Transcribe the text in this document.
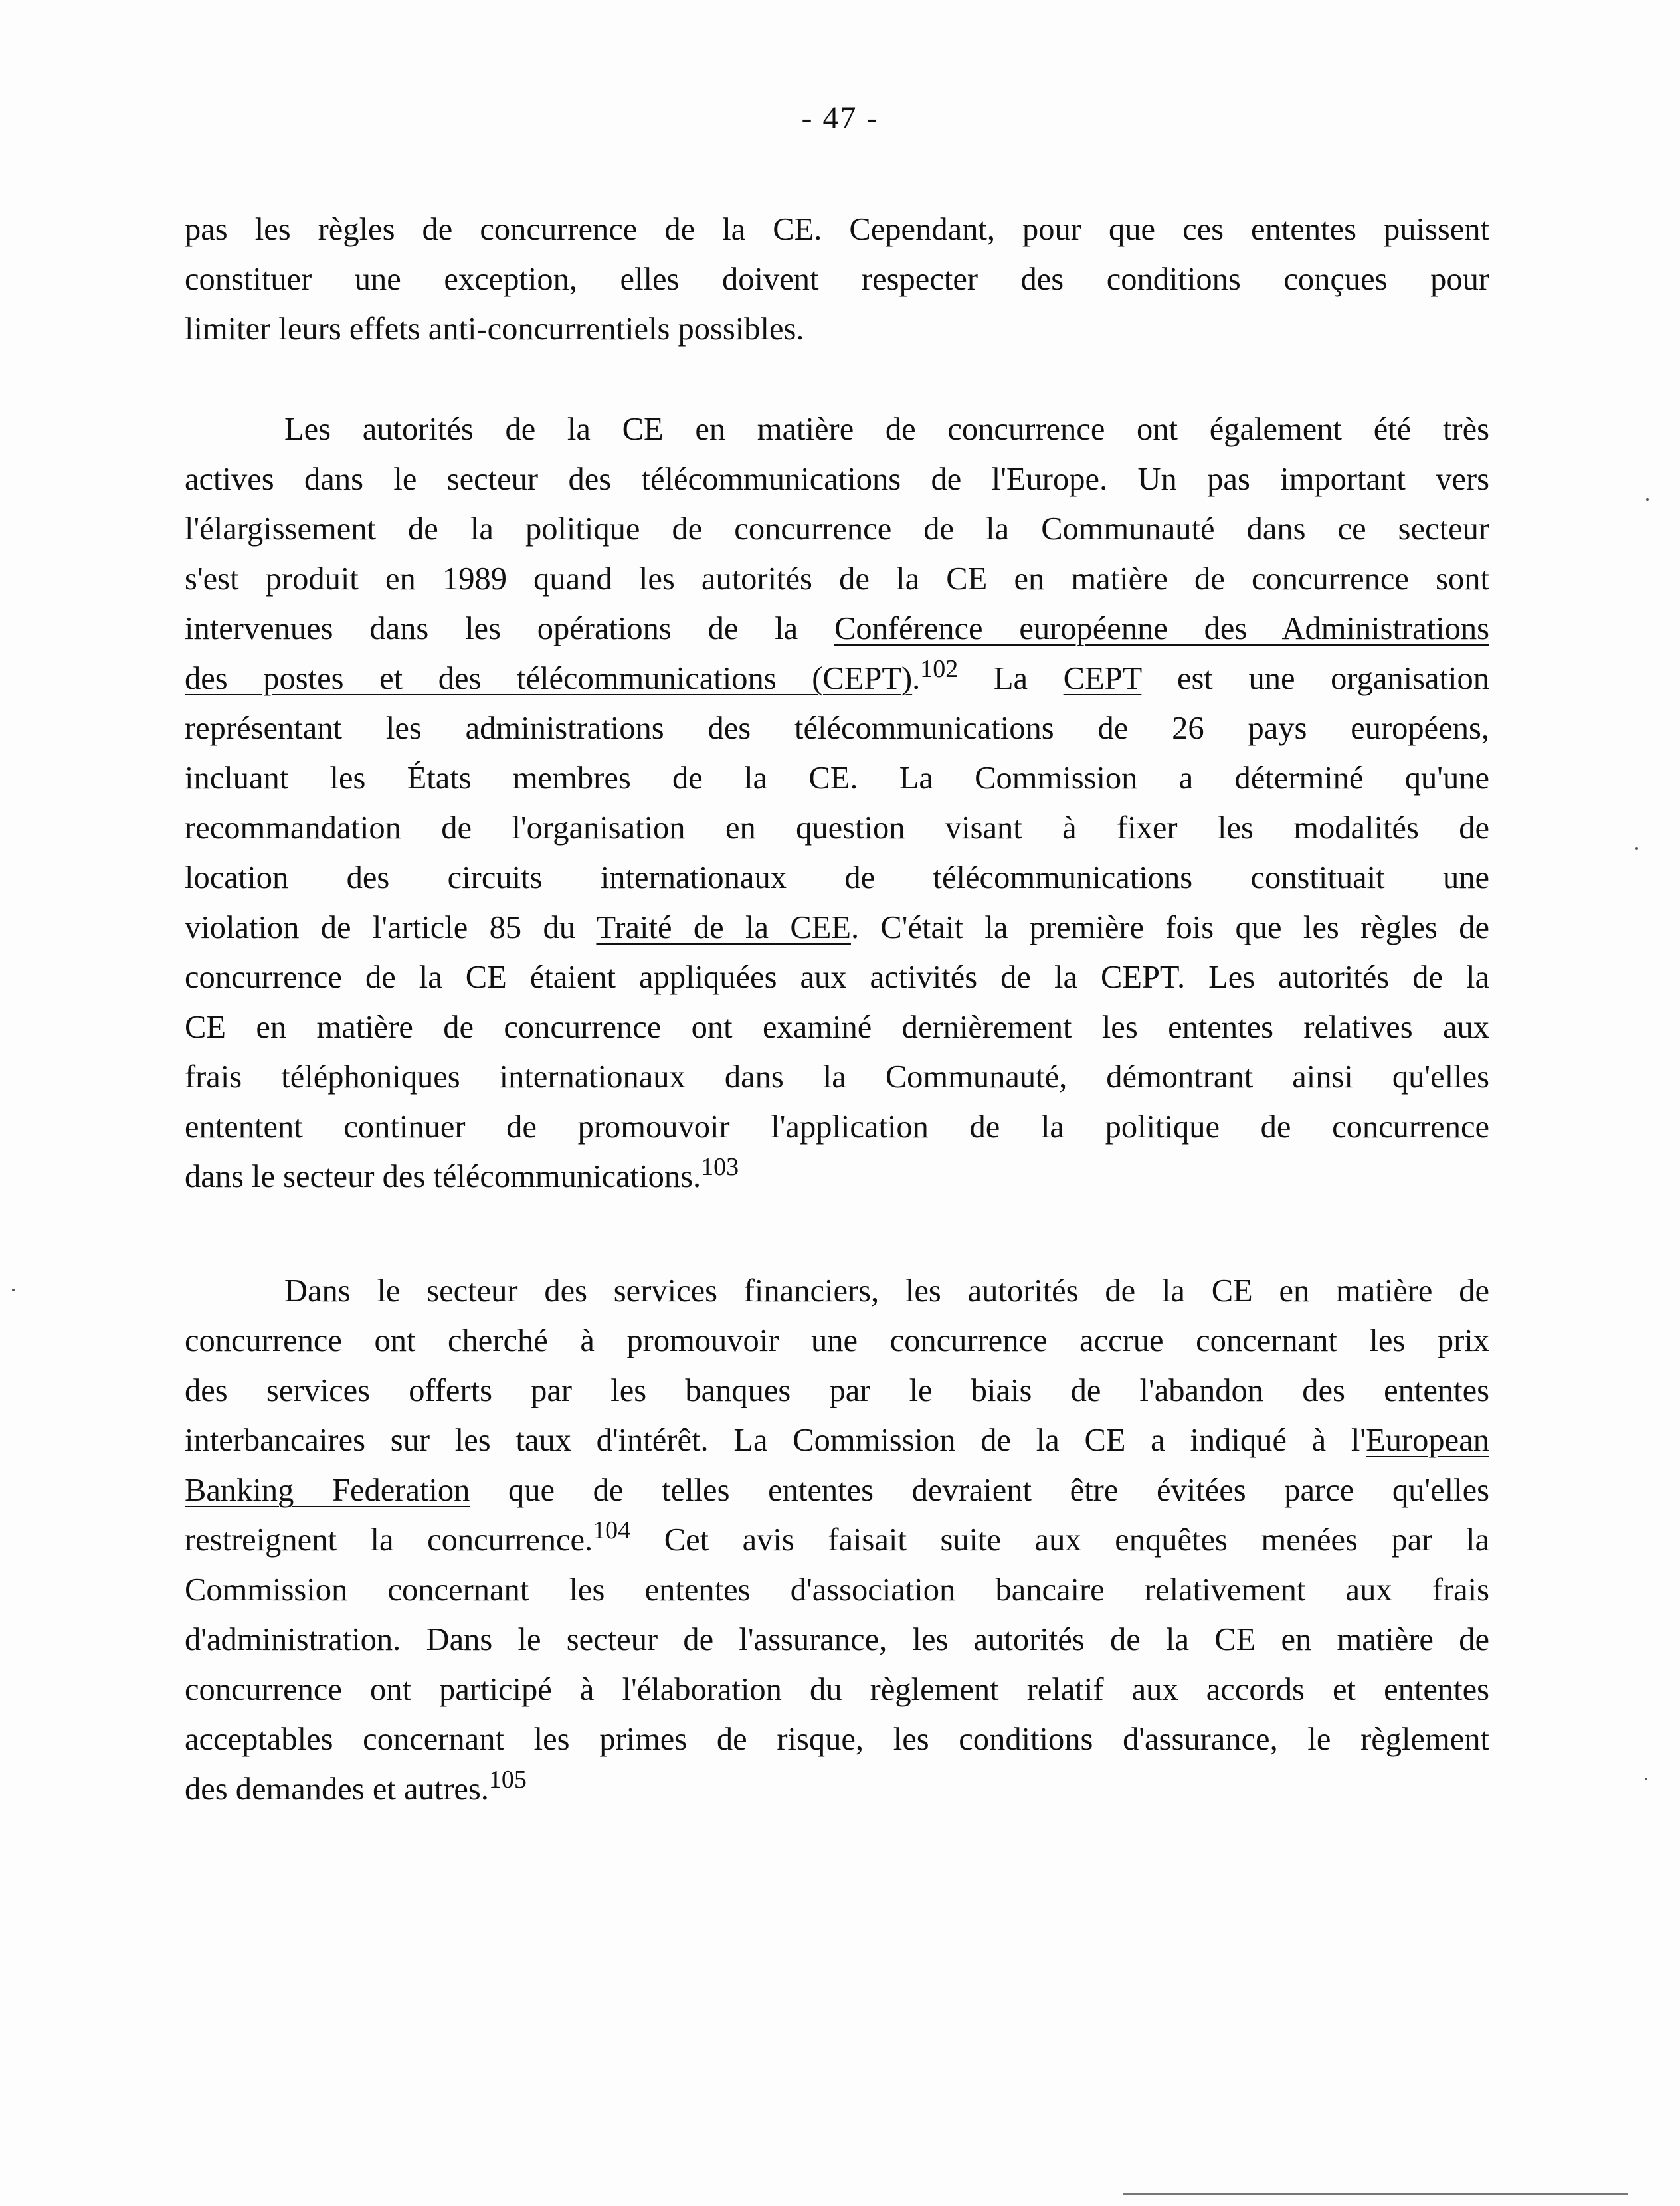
- 47 -
pas les règles de concurrence de la CE. Cependant, pour que ces ententes puissent
constituer une exception, elles doivent respecter des conditions conçues pour
limiter leurs effets anti-concurrentiels possibles.
Les autorités de la CE en matière de concurrence ont également été très
actives dans le secteur des télécommunications de l'Europe. Un pas important vers
l'élargissement de la politique de concurrence de la Communauté dans ce secteur
s'est produit en 1989 quand les autorités de la CE en matière de concurrence sont
intervenues dans les opérations de la Conférence européenne des Administrations
des postes et des télécommunications (CEPT).$^{102}$ La CEPT est une organisation
représentant les administrations des télécommunications de 26 pays européens,
incluant les États membres de la CE. La Commission a déterminé qu'une
recommandation de l'organisation en question visant à fixer les modalités de
location des circuits internationaux de télécommunications constituait une
violation de l'article 85 du Traité de la CEE. C'était la première fois que les règles de
concurrence de la CE étaient appliquées aux activités de la CEPT. Les autorités de la
CE en matière de concurrence ont examiné dernièrement les ententes relatives aux
frais téléphoniques internationaux dans la Communauté, démontrant ainsi qu'elles
ententent continuer de promouvoir l'application de la politique de concurrence
dans le secteur des télécommunications.$^{103}$
Dans le secteur des services financiers, les autorités de la CE en matière de
concurrence ont cherché à promouvoir une concurrence accrue concernant les prix
des services offerts par les banques par le biais de l'abandon des ententes
interbancaires sur les taux d'intérêt. La Commission de la CE a indiqué à l'European
Banking Federation que de telles ententes devraient être évitées parce qu'elles
restreignent la concurrence.$^{104}$ Cet avis faisait suite aux enquêtes menées par la
Commission concernant les ententes d'association bancaire relativement aux frais
d'administration. Dans le secteur de l'assurance, les autorités de la CE en matière de
concurrence ont participé à l'élaboration du règlement relatif aux accords et ententes
acceptables concernant les primes de risque, les conditions d'assurance, le règlement
des demandes et autres.$^{105}$
